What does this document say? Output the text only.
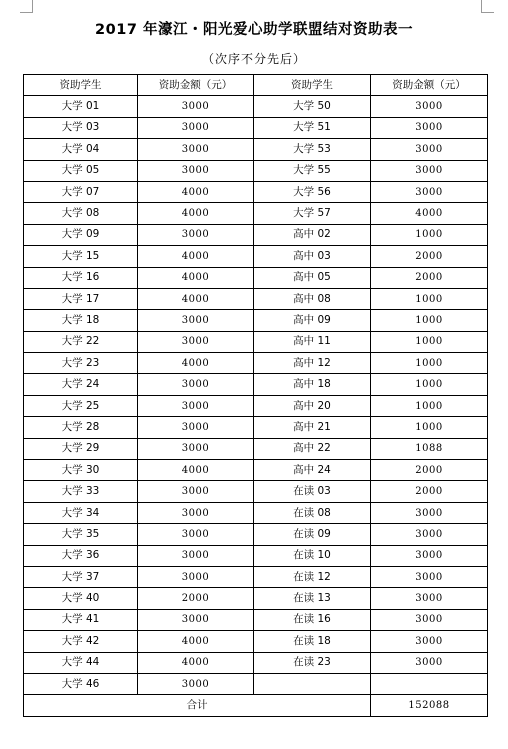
2017 年濠江・阳光爱心助学联盟结对资助表一
（次序不分先后）
资助学生	资助金额（元）	资助学生	资助金额（元）
大学 01	3000	大学 50	3000
大学 03	3000	大学 51	3000
大学 04	3000	大学 53	3000
大学 05	3000	大学 55	3000
大学 07	4000	大学 56	3000
大学 08	4000	大学 57	4000
大学 09	3000	高中 02	1000
大学 15	4000	高中 03	2000
大学 16	4000	高中 05	2000
大学 17	4000	高中 08	1000
大学 18	3000	高中 09	1000
大学 22	3000	高中 11	1000
大学 23	4000	高中 12	1000
大学 24	3000	高中 18	1000
大学 25	3000	高中 20	1000
大学 28	3000	高中 21	1000
大学 29	3000	高中 22	1088
大学 30	4000	高中 24	2000
大学 33	3000	在读 03	2000
大学 34	3000	在读 08	3000
大学 35	3000	在读 09	3000
大学 36	3000	在读 10	3000
大学 37	3000	在读 12	3000
大学 40	2000	在读 13	3000
大学 41	3000	在读 16	3000
大学 42	4000	在读 18	3000
大学 44	4000	在读 23	3000
大学 46	3000		
合计			152088
